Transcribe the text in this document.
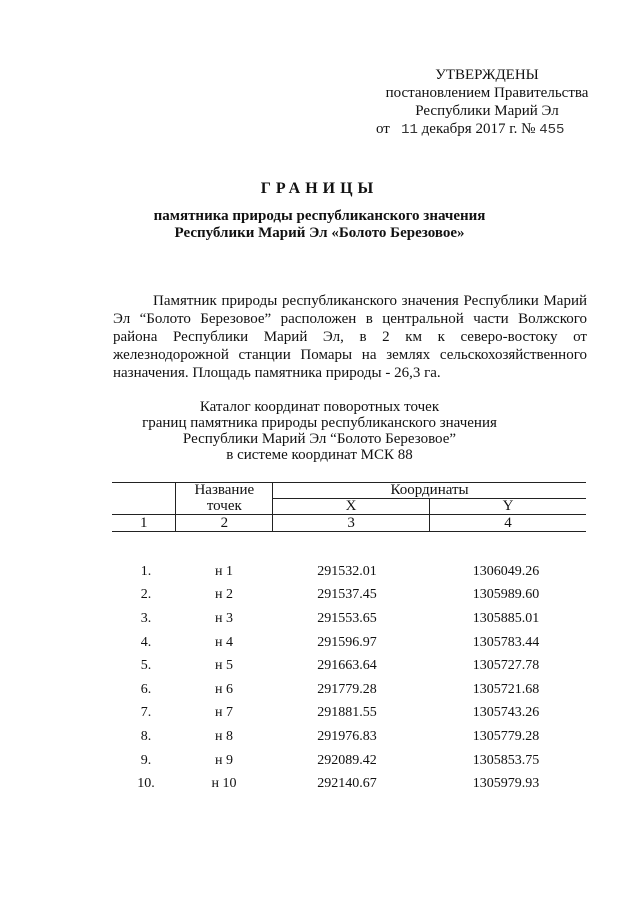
УТВЕРЖДЕНЫ
постановлением Правительства
Республики Марий Эл
от 11 декабря 2017 г. № 455
ГРАНИЦЫ
памятника природы республиканского значения
Республики Марий Эл «Болото Березовое»
Памятник природы республиканского значения Республики Марий Эл “Болото Березовое” расположен в центральной части Волжского района Республики Марий Эл, в 2 км к северо-востоку от железнодорожной станции Помары на землях сельскохозяйственного назначения. Площадь памятника природы - 26,3 га.
Каталог координат поворотных точек
границ памятника природы республиканского значения
Республики Марий Эл “Болото Березовое”
в системе координат МСК 88
	Название	Координаты	
	точек	X	Y
1	2	3	4
1.	н 1	291532.01	1306049.26
2.	н 2	291537.45	1305989.60
3.	н 3	291553.65	1305885.01
4.	н 4	291596.97	1305783.44
5.	н 5	291663.64	1305727.78
6.	н 6	291779.28	1305721.68
7.	н 7	291881.55	1305743.26
8.	н 8	291976.83	1305779.28
9.	н 9	292089.42	1305853.75
10.	н 10	292140.67	1305979.93
